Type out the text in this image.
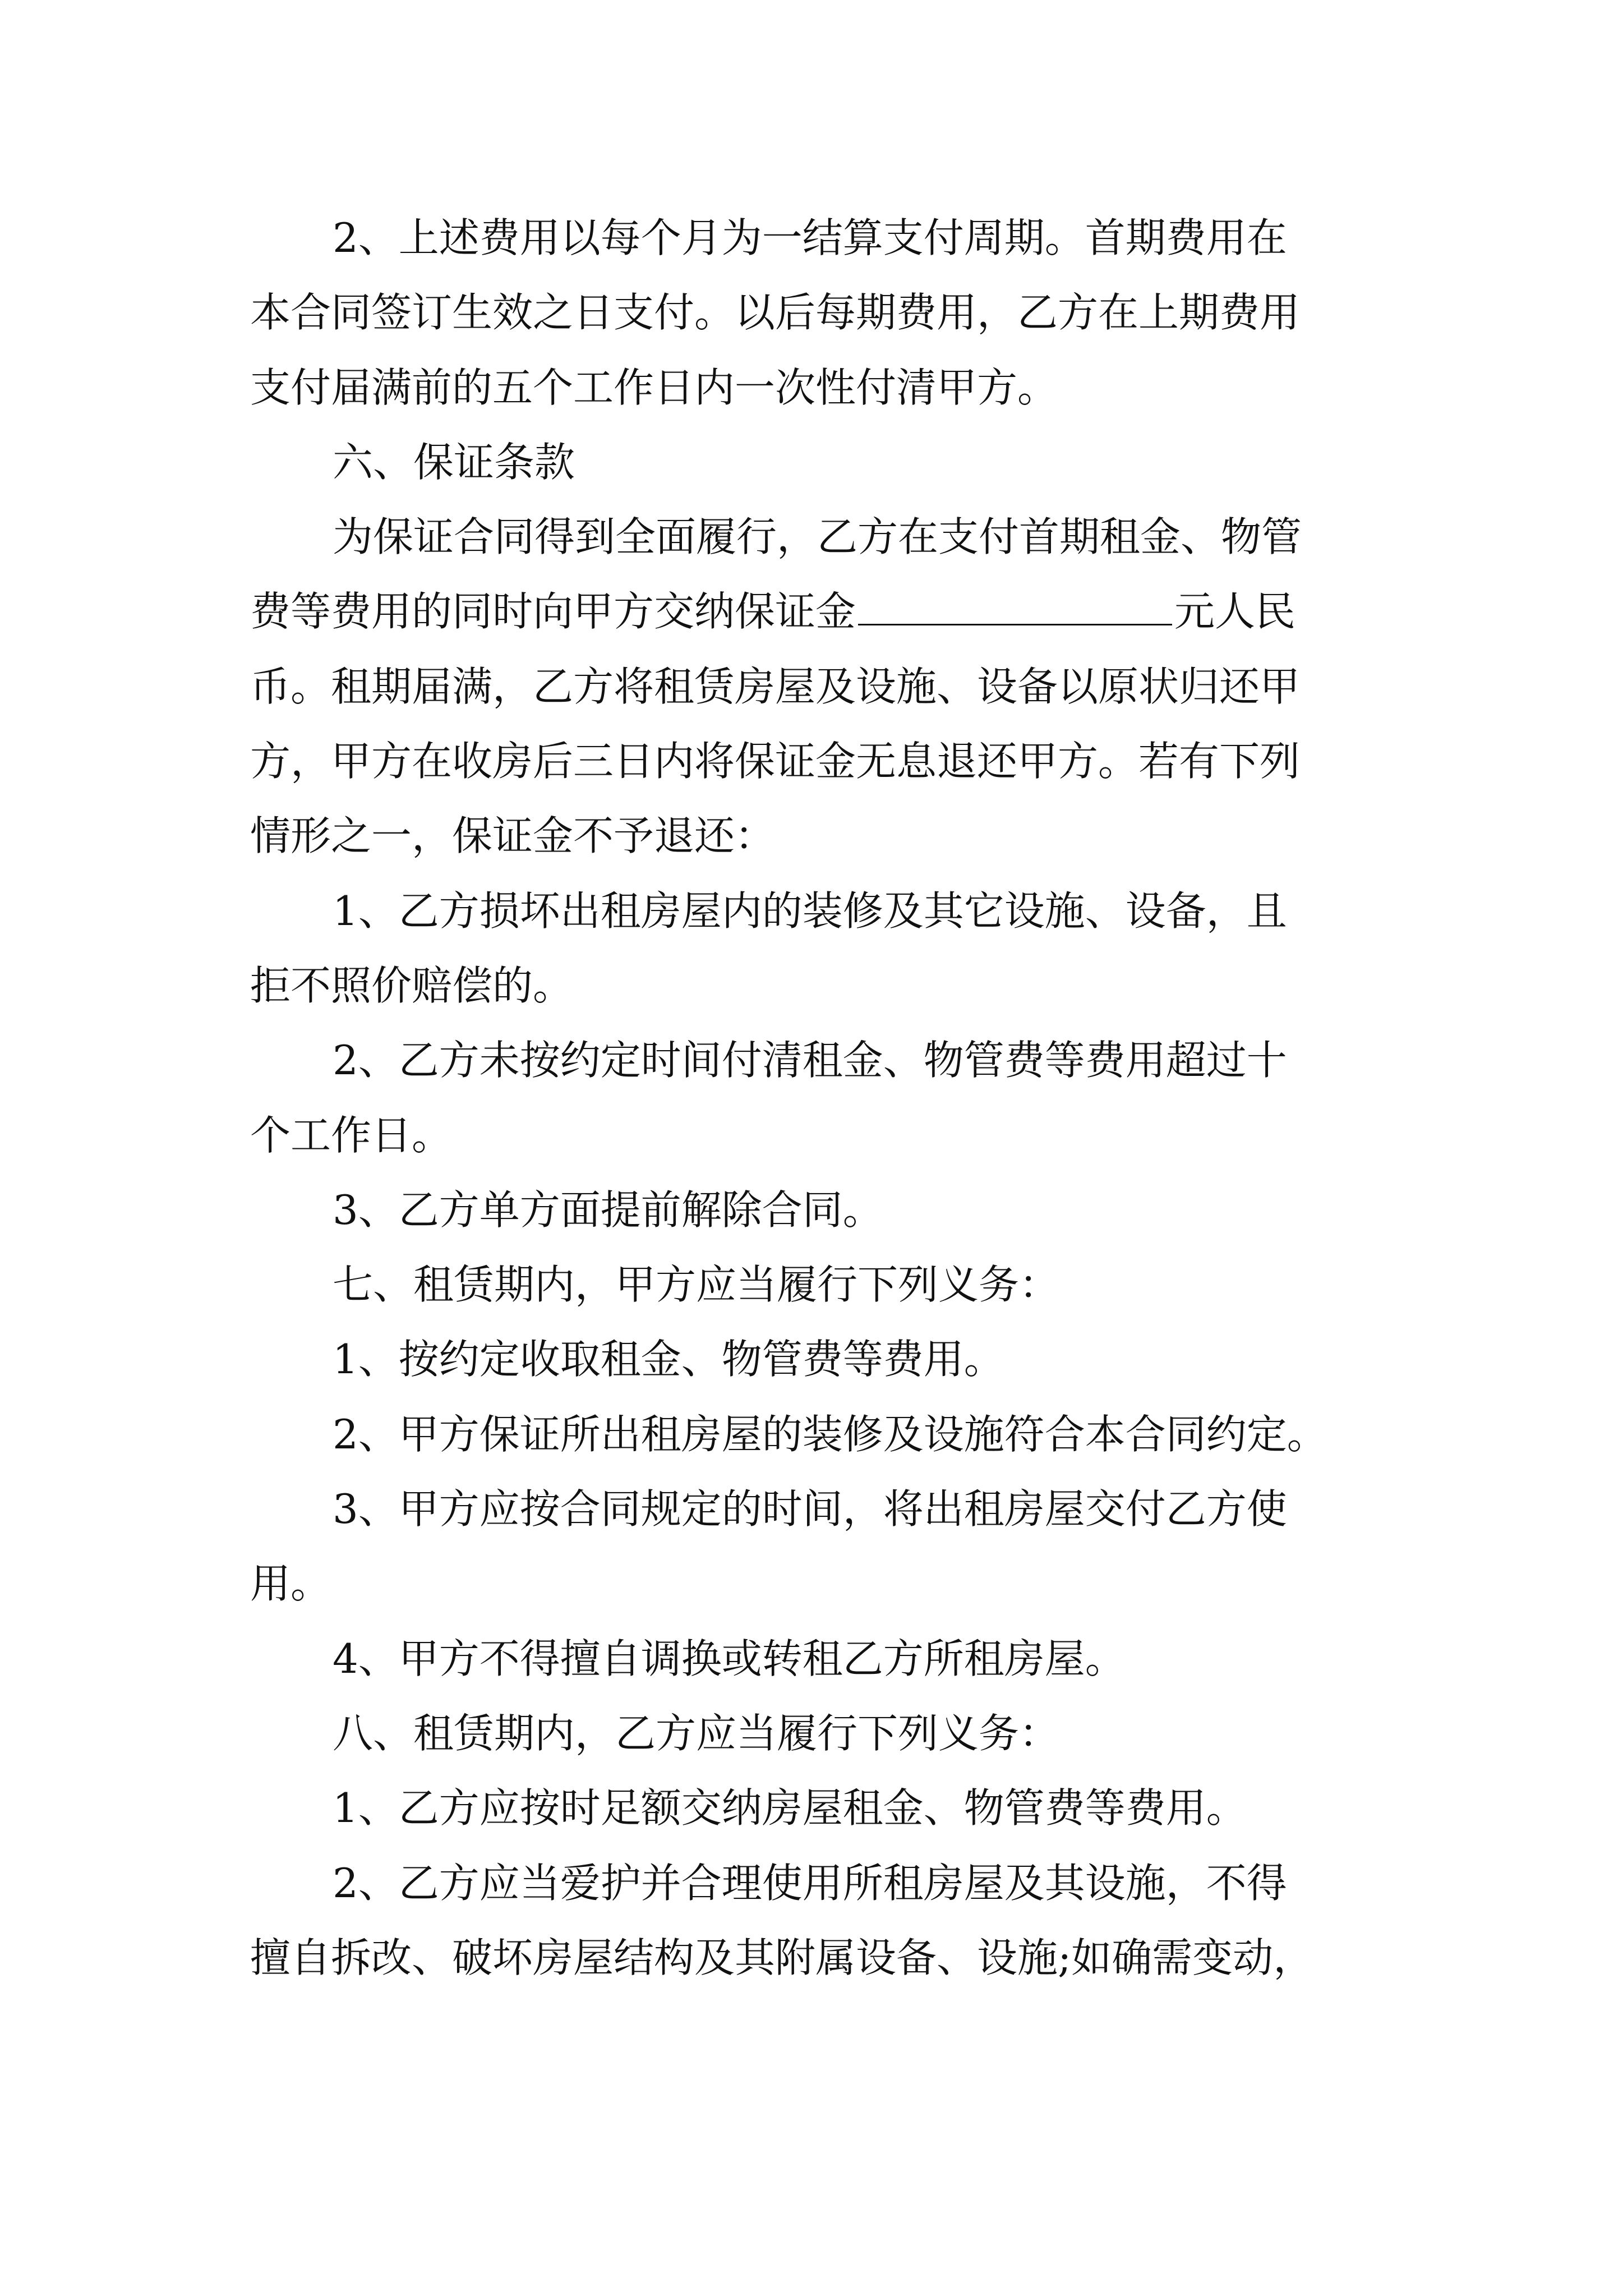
2、上述费用以每个月为一结算支付周期。首期费用在
本合同签订生效之日支付。以后每期费用，乙方在上期费用
支付届满前的五个工作日内一次性付清甲方。
六、保证条款
为保证合同得到全面履行，乙方在支付首期租金、物管
费等费用的同时向甲方交纳保证金	元人民
币。租期届满，乙方将租赁房屋及设施、设备以原状归还甲
方，甲方在收房后三日内将保证金无息退还甲方。若有下列
情形之一，保证金不予退还：
1、乙方损坏出租房屋内的装修及其它设施、设备，且
拒不照价赔偿的。
2、乙方未按约定时间付清租金、物管费等费用超过十
个工作日。
3、乙方单方面提前解除合同。
七、租赁期内，甲方应当履行下列义务：
1、按约定收取租金、物管费等费用。
2、甲方保证所出租房屋的装修及设施符合本合同约定。
3、甲方应按合同规定的时间，将出租房屋交付乙方使
用。
4、甲方不得擅自调换或转租乙方所租房屋。
八、租赁期内，乙方应当履行下列义务：
1、乙方应按时足额交纳房屋租金、物管费等费用。
2、乙方应当爱护并合理使用所租房屋及其设施，不得
擅自拆改、破坏房屋结构及其附属设备、设施;如确需变动，
